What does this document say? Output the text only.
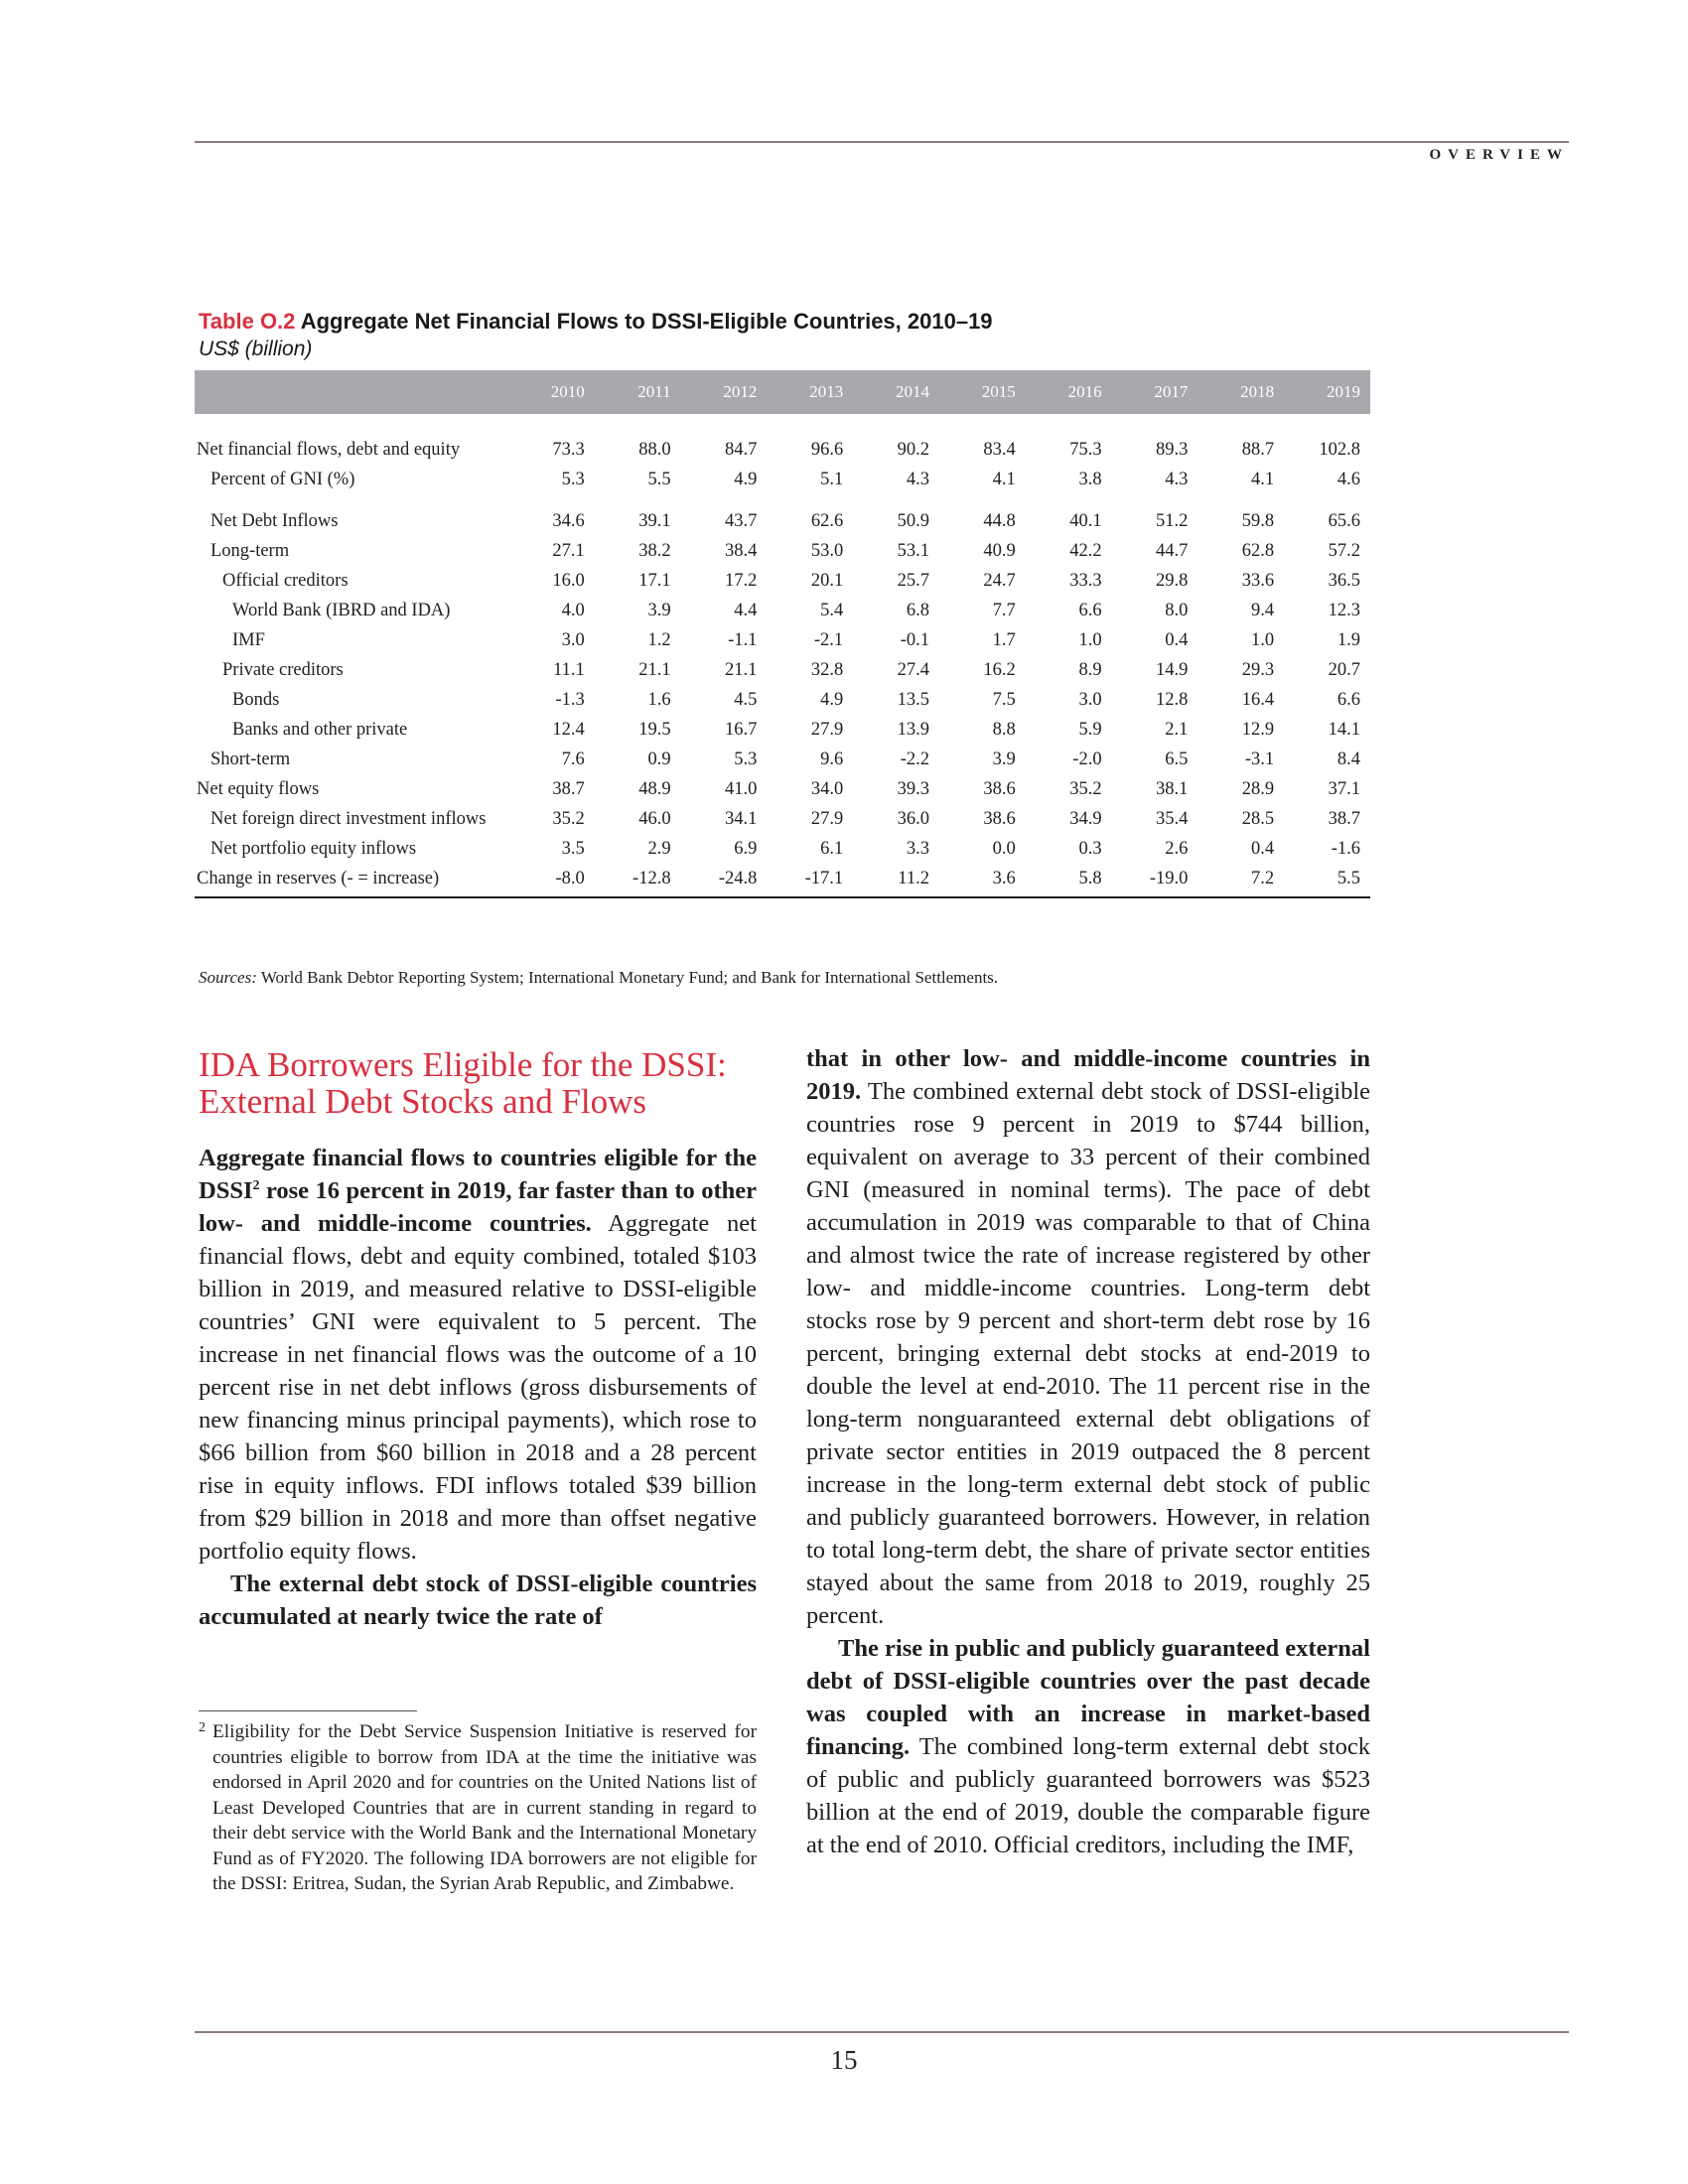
OVERVIEW
Table O.2 Aggregate Net Financial Flows to DSSI-Eligible Countries, 2010–19
US$ (billion)
	2010	2011	2012	2013	2014	2015	2016	2017	2018	2019
Net financial flows, debt and equity	73.3	88.0	84.7	96.6	90.2	83.4	75.3	89.3	88.7	102.8
Percent of GNI (%)	5.3	5.5	4.9	5.1	4.3	4.1	3.8	4.3	4.1	4.6

Net Debt Inflows	34.6	39.1	43.7	62.6	50.9	44.8	40.1	51.2	59.8	65.6
Long-term	27.1	38.2	38.4	53.0	53.1	40.9	42.2	44.7	62.8	57.2
Official creditors	16.0	17.1	17.2	20.1	25.7	24.7	33.3	29.8	33.6	36.5
World Bank (IBRD and IDA)	4.0	3.9	4.4	5.4	6.8	7.7	6.6	8.0	9.4	12.3
IMF	3.0	1.2	-1.1	-2.1	-0.1	1.7	1.0	0.4	1.0	1.9
Private creditors	11.1	21.1	21.1	32.8	27.4	16.2	8.9	14.9	29.3	20.7
Bonds	-1.3	1.6	4.5	4.9	13.5	7.5	3.0	12.8	16.4	6.6
Banks and other private	12.4	19.5	16.7	27.9	13.9	8.8	5.9	2.1	12.9	14.1
Short-term	7.6	0.9	5.3	9.6	-2.2	3.9	-2.0	6.5	-3.1	8.4
Net equity flows	38.7	48.9	41.0	34.0	39.3	38.6	35.2	38.1	28.9	37.1
Net foreign direct investment inflows	35.2	46.0	34.1	27.9	36.0	38.6	34.9	35.4	28.5	38.7
Net portfolio equity inflows	3.5	2.9	6.9	6.1	3.3	0.0	0.3	2.6	0.4	-1.6
Change in reserves (- = increase)	-8.0	-12.8	-24.8	-17.1	11.2	3.6	5.8	-19.0	7.2	5.5
Sources: World Bank Debtor Reporting System; International Monetary Fund; and Bank for International Settlements.
IDA Borrowers Eligible for the DSSI: External Debt Stocks and Flows

Aggregate financial flows to countries eligible for the DSSI$^2$ rose 16 percent in 2019, far faster than to other low- and middle-income countries. Aggregate net financial flows, debt and equity combined, totaled $103 billion in 2019, and measured relative to DSSI-eligible countries’ GNI were equivalent to 5 percent. The increase in net financial flows was the outcome of a 10 percent rise in net debt inflows (gross disbursements of new financing minus principal payments), which rose to $66 billion from $60 billion in 2018 and a 28 percent rise in equity inflows. FDI inflows totaled $39 billion from $29 billion in 2018 and more than offset negative portfolio equity flows.

The external debt stock of DSSI-eligible countries accumulated at nearly twice the rate of

that in other low- and middle-income countries in 2019. The combined external debt stock of DSSI-eligible countries rose 9 percent in 2019 to $744 billion, equivalent on average to 33 percent of their combined GNI (measured in nominal terms). The pace of debt accumulation in 2019 was comparable to that of China and almost twice the rate of increase registered by other low- and middle-income countries. Long-term debt stocks rose by 9 percent and short-term debt rose by 16 percent, bringing external debt stocks at end-2019 to double the level at end-2010. The 11 percent rise in the long-term nonguaranteed external debt obligations of private sector entities in 2019 outpaced the 8 percent increase in the long-term external debt stock of public and publicly guaranteed borrowers. However, in relation to total long-term debt, the share of private sector entities stayed about the same from 2018 to 2019, roughly 25 percent.

The rise in public and publicly guaranteed external debt of DSSI-eligible countries over the past decade was coupled with an increase in market-based financing. The combined long-term external debt stock of public and publicly guaranteed borrowers was $523 billion at the end of 2019, double the comparable figure at the end of 2010. Official creditors, including the IMF,

2 Eligibility for the Debt Service Suspension Initiative is reserved for countries eligible to borrow from IDA at the time the initiative was endorsed in April 2020 and for countries on the United Nations list of Least Developed Countries that are in current standing in regard to their debt service with the World Bank and the International Monetary Fund as of FY2020. The following IDA borrowers are not eligible for the DSSI: Eritrea, Sudan, the Syrian Arab Republic, and Zimbabwe.
15
